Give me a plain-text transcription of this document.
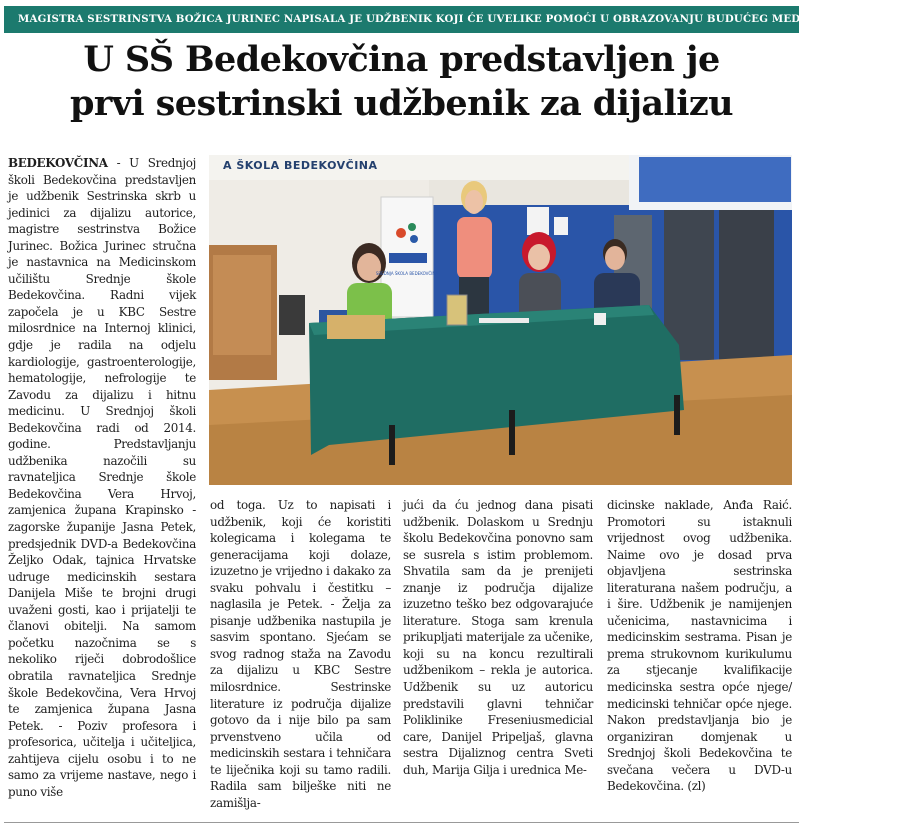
MAGISTRA SESTRINSTVA BOŽICA JURINEC NAPISALA JE UDŽBENIK KOJI ĆE UVELIKE POMOĆI U OBRAZOVANJU BUDUĆEG MEDICINSKOG KADRA
U SŠ Bedekovčina predstavljen je
prvi sestrinski udžbenik za dijalizu

BEDEKOVČINA - U Srednjoj školi Bedekovčina predstavljen je udžbenik Sestrinska skrb u jedinici za dijalizu autorice, magistre sestrinstva Božice Jurinec. Božica Jurinec stručna je nastavnica na Medicinskom učilištu Srednje škole Bedekovčina. Radni vijek započela je u KBC Sestre milosrdnice na Internoj klinici, gdje je radila na odjelu kardiologije, gastroenterologije, hematologije, nefrologije te Zavodu za dijalizu i hitnu medicinu. U Srednjoj školi Bedekovčina radi od 2014. godine. Predstavljanju udžbenika nazočili su ravnateljica Srednje škole Bedekovčina Vera Hrvoj, zamjenica župana Krapinsko - zagorske županije Jasna Petek, predsjednik DVD-a Bedekovčina Željko Odak, tajnica Hrvatske udruge medicinskih sestara Danijela Miše te brojni drugi uvaženi gosti, kao i prijatelji te članovi obitelji. Na samom početku nazočnima se s nekoliko riječi dobrodošlice obratila ravnateljica Srednje škole Bedekovčina, Vera Hrvoj te zamjenica župana Jasna Petek. - Poziv profesora i profesorica, učitelja i učiteljica, zahtijeva cijelu osobu i to ne samo za vrijeme nastave, nego i puno više

SREDNJA ŠKOLA BEDEKOVČINA
A ŠKOLA BEDEKOVČINA

od toga. Uz to napisati i udžbenik, koji će koristiti kolegicama i kolegama te generacijama koji dolaze, izuzetno je vrijedno i dakako za svaku pohvalu i čestitku – naglasila je Petek. - Želja za pisanje udžbenika nastupila je sasvim spontano. Sjećam se svog radnog staža na Zavodu za dijalizu u KBC Sestre milosrdnice. Sestrinske literature iz područja dijalize gotovo da i nije bilo pa sam prvenstveno učila od medicinskih sestara i tehničara te liječnika koji su tamo radili. Radila sam bilješke niti ne zamišlja-

jući da ću jednog dana pisati udžbenik. Dolaskom u Srednju školu Bedekovčina ponovno sam se susrela s istim problemom. Shvatila sam da je prenijeti znanje iz područja dijalize izuzetno teško bez odgovarajuće literature. Stoga sam krenula prikupljati materijale za učenike, koji su na koncu rezultirali udžbenikom – rekla je autorica. Udžbenik su uz autoricu predstavili glavni tehničar Poliklinike Freseniusmedicial care, Danijel Pripeljaš, glavna sestra Dijaliznog centra Sveti duh, Marija Gilja i urednica Me-

dicinske naklade, Anđa Raić. Promotori su istaknuli vrijednost ovog udžbenika. Naime ovo je dosad prva objavljena sestrinska literaturana našem području, a i šire. Udžbenik je namijenjen učenicima, nastavnicima i medicinskim sestrama. Pisan je prema strukovnom kurikulumu za stjecanje kvalifikacije medicinska sestra opće njege/ medicinski tehničar opće njege. Nakon predstavljanja bio je organiziran domjenak u Srednjoj školi Bedekovčina te svečana večera u DVD-u Bedekovčina. (zl)
